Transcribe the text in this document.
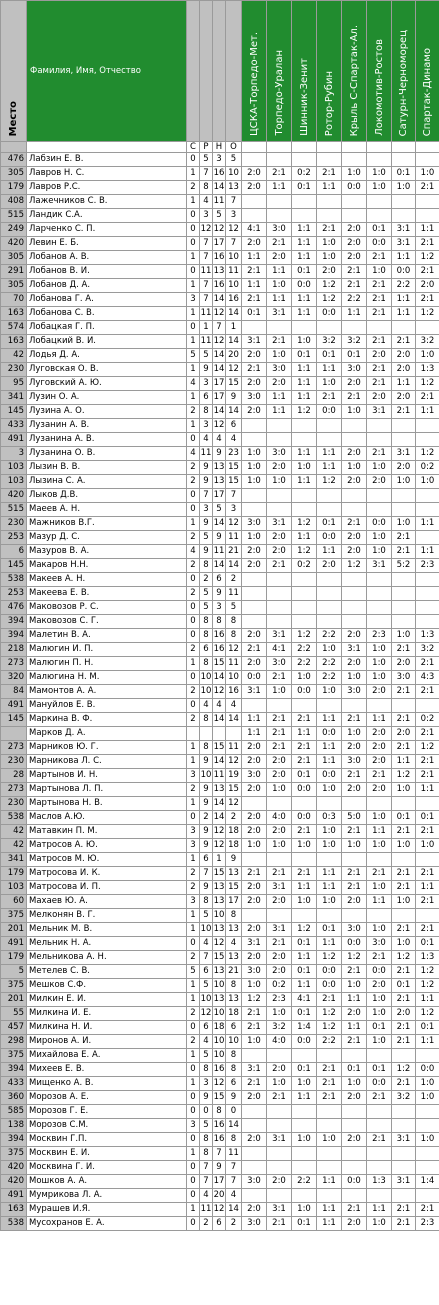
Место	Фамилия, Имя, Отчество					ЦСКА-Торпедо-Мет.	Торпедо-Уралан	Шинник-Зенит	Ротор-Рубин	Крыль С-Спартак-Ал.	Локомотив-Ростов	Сатурн-Черноморец	Спартак-Динамо
		С	Р	Н	О								
476	Лабзин Е. В.	0	5	3	5								
305	Лавров Н. С.	1	7	16	10	2:0	2:1	0:2	2:1	1:0	1:0	0:1	1:0
179	Лавров Р.С.	2	8	14	13	2:0	1:1	0:1	1:1	0:0	1:0	1:0	2:1
408	Лажечников С. В.	1	4	11	7								
515	Ландик С.А.	0	3	5	3								
249	Ларченко С. П.	0	12	12	12	4:1	3:0	1:1	2:1	2:0	0:1	3:1	1:1
420	Левин Е. Б.	0	7	17	7	2:0	2:1	1:1	1:0	2:0	0:0	3:1	2:1
305	Лобанов А. В.	1	7	16	10	1:1	2:0	1:1	1:0	2:0	2:1	1:1	1:2
291	Лобанов В. И.	0	11	13	11	2:1	1:1	0:1	2:0	2:1	1:0	0:0	2:1
305	Лобанов Д. А.	1	7	16	10	1:1	1:0	0:0	1:2	2:1	2:1	2:2	2:0
70	Лобанова Г. А.	3	7	14	16	2:1	1:1	1:1	1:2	2:2	2:1	1:1	2:1
163	Лобанова С. В.	1	11	12	14	0:1	3:1	1:1	0:0	1:1	2:1	1:1	1:2
574	Лобацкая Г. П.	0	1	7	1								
163	Лобацкий В. И.	1	11	12	14	3:1	2:1	1:0	3:2	3:2	2:1	2:1	3:2
42	Лодья Д. А.	5	5	14	20	2:0	1:0	0:1	0:1	0:1	2:0	2:0	1:0
230	Луговская О. В.	1	9	14	12	2:1	3:0	1:1	1:1	3:0	2:1	2:0	1:3
95	Луговский А. Ю.	4	3	17	15	2:0	2:0	1:1	1:0	2:0	2:1	1:1	1:2
341	Лузин О. А.	1	6	17	9	3:0	1:1	1:1	2:1	2:1	2:0	2:0	2:1
145	Лузина А. О.	2	8	14	14	2:0	1:1	1:2	0:0	1:0	3:1	2:1	1:1
433	Лузанин А. В.	1	3	12	6								
491	Лузанина А. В.	0	4	4	4								
3	Лузанина О. В.	4	11	9	23	1:0	3:0	1:1	1:1	2:0	2:1	3:1	1:2
103	Лызин В. В.	2	9	13	15	1:0	2:0	1:0	1:1	1:0	1:0	2:0	0:2
103	Лызина С. А.	2	9	13	15	1:0	1:0	1:1	1:2	2:0	2:0	1:0	1:0
420	Лыков Д.В.	0	7	17	7								
515	Маеев А. Н.	0	3	5	3								
230	Мажников В.Г.	1	9	14	12	3:0	3:1	1:2	0:1	2:1	0:0	1:0	1:1
253	Мазур Д. С.	2	5	9	11	1:0	2:0	1:1	0:0	2:0	1:0	2:1	
6	Мазуров В. А.	4	9	11	21	2:0	2:0	1:2	1:1	2:0	1:0	2:1	1:1
145	Макаров Н.Н.	2	8	14	14	2:0	2:1	0:2	2:0	1:2	3:1	5:2	2:3
538	Макеев А. Н.	0	2	6	2								
253	Макеева Е. В.	2	5	9	11								
476	Маковозов Р. С.	0	5	3	5								
394	Маковозов С. Г.	0	8	8	8								
394	Малетин В. А.	0	8	16	8	2:0	3:1	1:2	2:2	2:0	2:3	1:0	1:3
218	Малюгин И. П.	2	6	16	12	2:1	4:1	2:2	1:0	3:1	1:0	2:1	3:2
273	Малюгин П. Н.	1	8	15	11	2:0	3:0	2:2	2:2	2:0	1:0	2:0	2:1
320	Малюгина Н. М.	0	10	14	10	0:0	2:1	1:0	2:2	1:0	1:0	3:0	4:3
84	Мамонтов А. А.	2	10	12	16	3:1	1:0	0:0	1:0	3:0	2:0	2:1	2:1
491	Мануйлов Е. В.	0	4	4	4								
145	Маркина В. Ф.	2	8	14	14	1:1	2:1	2:1	1:1	2:1	1:1	2:1	0:2
	Марков Д. А.					1:1	2:1	1:1	0:0	1:0	2:0	2:0	2:1
273	Марников Ю. Г.	1	8	15	11	2:0	2:1	2:1	1:1	2:0	2:0	2:1	1:2
230	Марникова Л. С.	1	9	14	12	2:0	2:0	2:1	1:1	3:0	2:0	1:1	2:1
28	Мартынов И. Н.	3	10	11	19	3:0	2:0	0:1	0:0	2:1	2:1	1:2	2:1
273	Мартынова Л. П.	2	9	13	15	2:0	1:0	0:0	1:0	2:0	2:0	1:0	1:1
230	Мартынова Н. В.	1	9	14	12								
538	Маслов А.Ю.	0	2	14	2	2:0	4:0	0:0	0:3	5:0	1:0	0:1	0:1
42	Матавкин П. М.	3	9	12	18	2:0	2:0	2:1	1:0	2:1	1:1	2:1	2:1
42	Матросов А. Ю.	3	9	12	18	1:0	1:0	1:0	1:0	1:0	1:0	1:0	1:0
341	Матросов М. Ю.	1	6	1	9								
179	Матросова И. К.	2	7	15	13	2:1	2:1	2:1	1:1	2:1	2:1	2:1	2:1
103	Матросова И. П.	2	9	13	15	2:0	3:1	1:1	1:1	2:1	1:0	2:1	1:1
60	Махаев Ю. А.	3	8	13	17	2:0	2:0	1:0	1:0	2:0	1:1	1:0	2:1
375	Мелконян В. Г.	1	5	10	8								
201	Мельник М. В.	1	10	13	13	2:0	3:1	1:2	0:1	3:0	1:0	2:1	2:1
491	Мельник Н. А.	0	4	12	4	3:1	2:1	0:1	1:1	0:0	3:0	1:0	0:1
179	Мельникова А. Н.	2	7	15	13	2:0	2:0	1:1	1:2	1:2	2:1	1:2	1:3
5	Метелев С. В.	5	6	13	21	3:0	2:0	0:1	0:0	2:1	0:0	2:1	1:2
375	Мешков С.Ф.	1	5	10	8	1:0	0:2	1:1	0:0	1:0	2:0	0:1	1:2
201	Милкин Е. И.	1	10	13	13	1:2	2:3	4:1	2:1	1:1	1:0	2:1	1:1
55	Милкина И. Е.	2	12	10	18	2:1	1:0	0:1	1:2	2:0	1:0	2:0	1:2
457	Милкина Н. И.	0	6	18	6	2:1	3:2	1:4	1:2	1:1	0:1	2:1	0:1
298	Миронов А. И.	2	4	10	10	1:0	4:0	0:0	2:2	2:1	1:0	2:1	1:1
375	Михайлова Е. А.	1	5	10	8								
394	Михеев Е. В.	0	8	16	8	3:1	2:0	0:1	2:1	0:1	0:1	1:2	0:0
433	Мищенко А. В.	1	3	12	6	2:1	1:0	1:0	2:1	1:0	0:0	2:1	1:0
360	Морозов А. Е.	0	9	15	9	2:0	2:1	1:1	2:1	2:0	2:1	3:2	1:0
585	Морозов Г. Е.	0	0	8	0								
138	Морозов С.М.	3	5	16	14								
394	Москвин Г.П.	0	8	16	8	2:0	3:1	1:0	1:0	2:0	2:1	3:1	1:0
375	Москвин Е. И.	1	8	7	11								
420	Москвина Г. И.	0	7	9	7								
420	Мошков А. А.	0	7	17	7	3:0	2:0	2:2	1:1	0:0	1:3	3:1	1:4
491	Мумрикова Л. А.	0	4	20	4								
163	Мурашев И.Я.	1	11	12	14	2:0	3:1	1:0	1:1	2:1	1:1	2:1	2:1
538	Мусохранов Е. А.	0	2	6	2	3:0	2:1	0:1	1:1	2:0	1:0	2:1	2:3
